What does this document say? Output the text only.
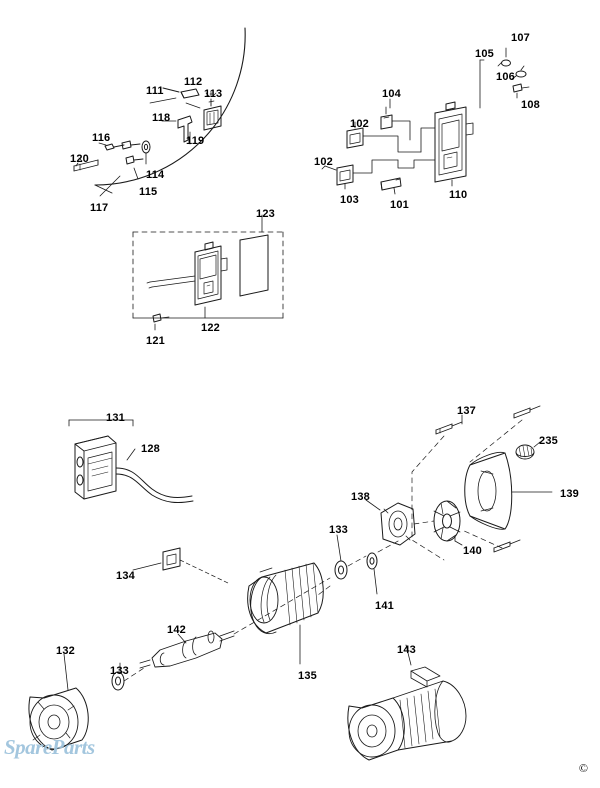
111
112
113
118
116	119
120
114
115
117	123
122
121
105
107
106
108
104
102
102
103	101
110
131
128
134
132
133
142
135
133
138
141
137
235
139
140
143
SpareParts
©
